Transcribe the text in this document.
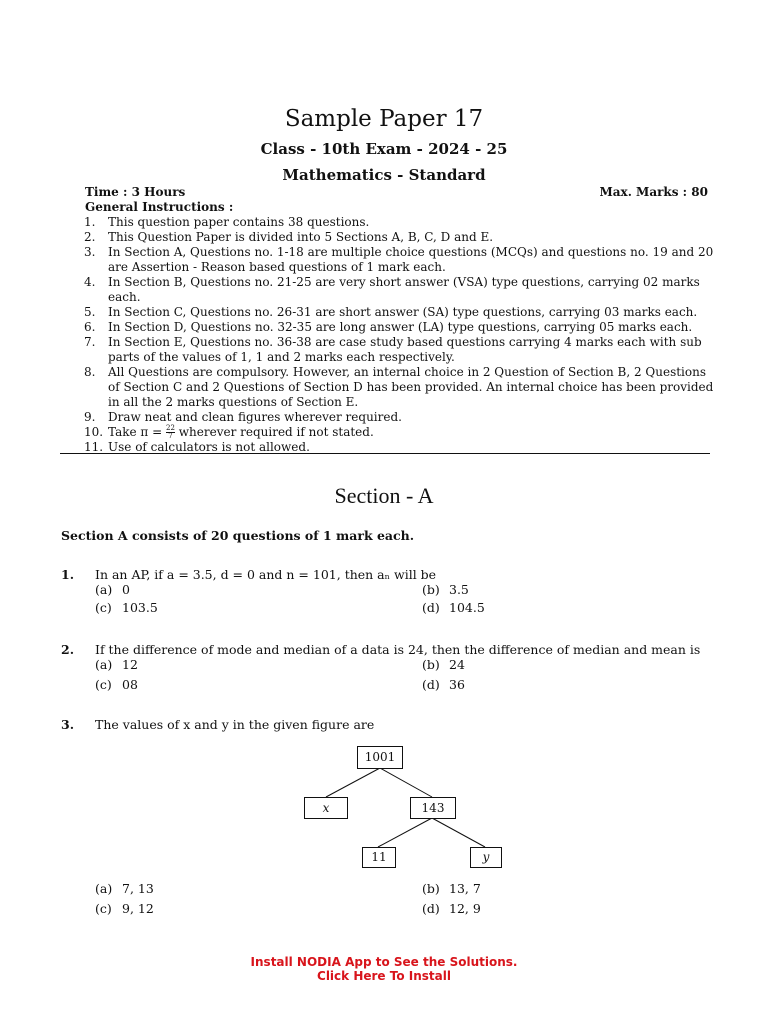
Sample Paper 17
Class - 10th Exam - 2024 - 25
Mathematics - Standard
Time : 3 Hours	Max. Marks : 80
General Instructions :
1.	This question paper contains 38 questions.
2.	This Question Paper is divided into 5 Sections A, B, C, D and E.
3.	In Section A, Questions no. 1-18 are multiple choice questions (MCQs) and questions no. 19 and 20 are Assertion - Reason based questions of 1 mark each.
4.	In Section B, Questions no. 21-25 are very short answer (VSA) type questions, carrying 02 marks each.
5.	In Section C, Questions no. 26-31 are short answer (SA) type questions, carrying 03 marks each.
6.	In Section D, Questions no. 32-35 are long answer (LA) type questions, carrying 05 marks each.
7.	In Section E, Questions no. 36-38 are case study based questions carrying 4 marks each with sub parts of the values of 1, 1 and 2 marks each respectively.
8.	All Questions are compulsory. However, an internal choice in 2 Question of Section B, 2 Questions of Section C and 2 Questions of Section D has been provided. An internal choice has been provided in all the 2 marks questions of Section E.
9.	Draw neat and clean figures wherever required.
10. Take $\pi = \frac{22}{7}$ wherever required if not stated.
11. Use of calculators is not allowed.
Section - A
Section A consists of 20 questions of 1 mark each.
1. In an AP, if a = 3.5, d = 0 and n = 101, then aₙ will be
(a) 0	(b) 3.5
(c) 103.5	(d) 104.5
2. If the difference of mode and median of a data is 24, then the difference of median and mean is
(a) 12	(b) 24
(c) 08	(d) 36
3. The values of x and y in the given figure are
1001
x	143
11	y
(a) 7, 13	(b) 13, 7
(c) 9, 12	(d) 12, 9
Install NODIA App to See the Solutions.
Click Here To Install
